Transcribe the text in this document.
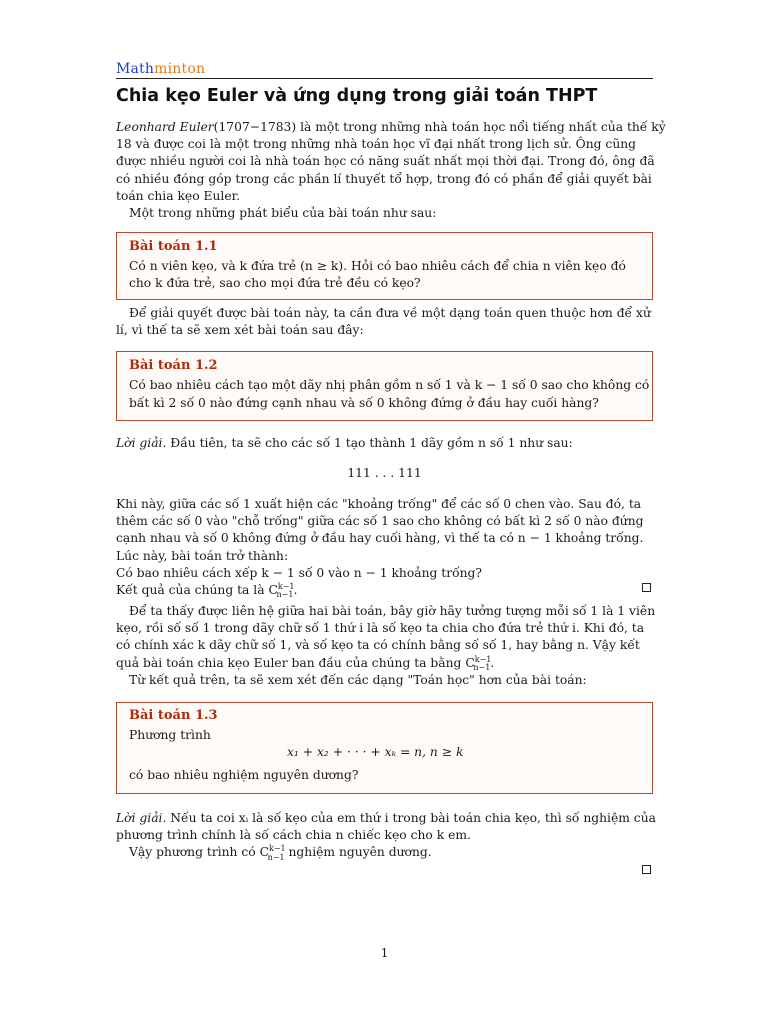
Mathminton
Chia kẹo Euler và ứng dụng trong giải toán THPT
Leonhard Euler(1707−1783) là một trong những nhà toán học nổi tiếng nhất của thế kỷ
18 và được coi là một trong những nhà toán học vĩ đại nhất trong lịch sử. Ông cũng
được nhiều người coi là nhà toán học có năng suất nhất mọi thời đại. Trong đó, ông đã
có nhiều đóng góp trong các phần lí thuyết tổ hợp, trong đó có phần để giải quyết bài
toán chia kẹo Euler.
Một trong những phát biểu của bài toán như sau:
Bài toán 1.1
Có n viên kẹo, và k đứa trẻ (n ≥ k). Hỏi có bao nhiêu cách để chia n viên kẹo đó
cho k đứa trẻ, sao cho mọi đứa trẻ đều có kẹo?
Để giải quyết được bài toán này, ta cần đưa về một dạng toán quen thuộc hơn để xử
lí, vì thế ta sẽ xem xét bài toán sau đây:
Bài toán 1.2
Có bao nhiêu cách tạo một dãy nhị phân gồm n số 1 và k − 1 số 0 sao cho không có
bất kì 2 số 0 nào đứng cạnh nhau và số 0 không đứng ở đầu hay cuối hàng?
Lời giải. Đầu tiên, ta sẽ cho các số 1 tạo thành 1 dãy gồm n số 1 như sau:
111 . . . 111
Khi này, giữa các số 1 xuất hiện các "khoảng trống" để các số 0 chen vào. Sau đó, ta
thêm các số 0 vào "chỗ trống" giữa các số 1 sao cho không có bất kì 2 số 0 nào đứng
cạnh nhau và số 0 không đứng ở đầu hay cuối hàng, vì thế ta có n − 1 khoảng trống.
Lúc này, bài toán trở thành:
Có bao nhiêu cách xếp k − 1 số 0 vào n − 1 khoảng trống?
Kết quả của chúng ta là $C^{k-1}_{n-1}$.
Để ta thấy được liên hệ giữa hai bài toán, bây giờ hãy tưởng tượng mỗi số 1 là 1 viên
kẹo, rồi số số 1 trong dãy chữ số 1 thứ i là số kẹo ta chia cho đứa trẻ thứ i. Khi đó, ta
có chính xác k dãy chữ số 1, và số kẹo ta có chính bằng số số 1, hay bằng n. Vậy kết
quả bài toán chia kẹo Euler ban đầu của chúng ta bằng $C^{k-1}_{n-1}$.
Từ kết quả trên, ta sẽ xem xét đến các dạng "Toán học" hơn của bài toán:
Bài toán 1.3
Phương trình
x₁ + x₂ + · · · + xₖ = n, n ≥ k
có bao nhiêu nghiệm nguyên dương?
Lời giải. Nếu ta coi xᵢ là số kẹo của em thứ i trong bài toán chia kẹo, thì số nghiệm của
phương trình chính là số cách chia n chiếc kẹo cho k em.
Vậy phương trình có $C^{k-1}_{n-1}$ nghiệm nguyên dương.
1
